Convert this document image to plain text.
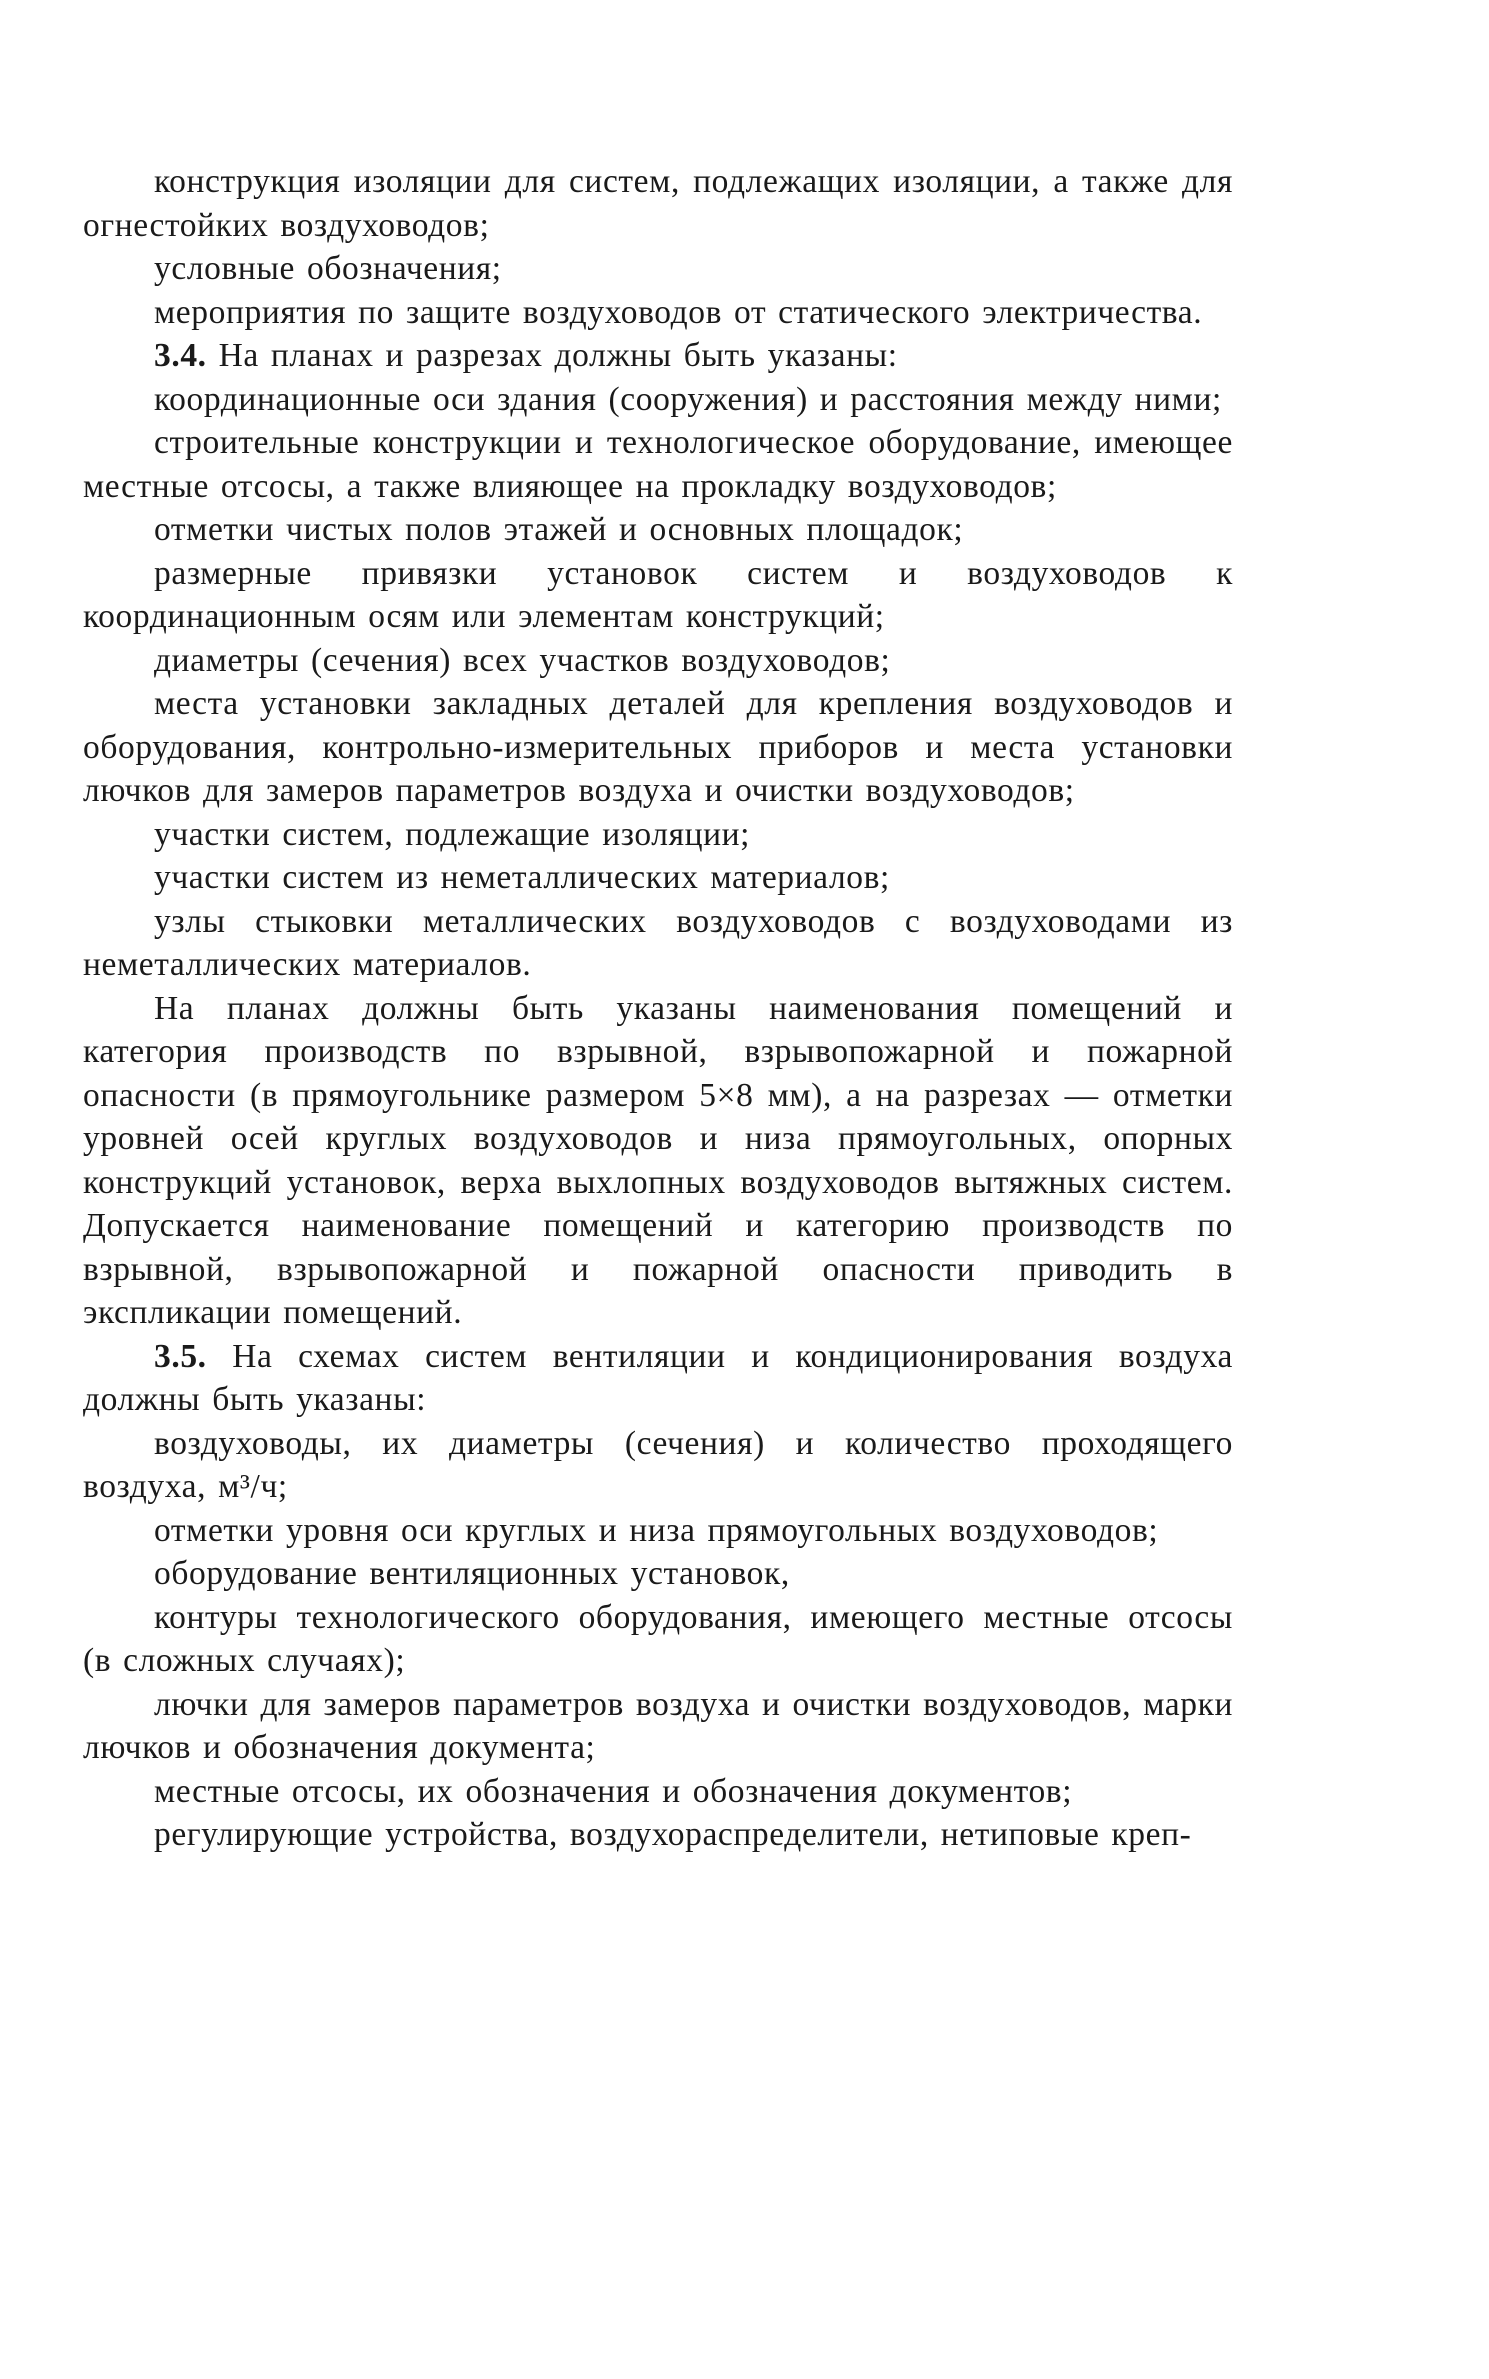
конструкция изоляции для систем, подлежащих изоляции, а также для огнестойких воздуховодов;

условные обозначения;

мероприятия по защите воздуховодов от статического электричества.

3.4. На планах и разрезах должны быть указаны:

координационные оси здания (сооружения) и расстояния между ними;

строительные конструкции и технологическое оборудование, имеющее местные отсосы, а также влияющее на прокладку воздуховодов;

отметки чистых полов этажей и основных площадок;

размерные привязки установок систем и воздуховодов к координационным осям или элементам конструкций;

диаметры (сечения) всех участков воздуховодов;

места установки закладных деталей для крепления воздуховодов и оборудования, контрольно-измерительных приборов и места установки лючков для замеров параметров воздуха и очистки воздуховодов;

участки систем, подлежащие изоляции;

участки систем из неметаллических материалов;

узлы стыковки металлических воздуховодов с воздуховодами из неметаллических материалов.

На планах должны быть указаны наименования помещений и категория производств по взрывной, взрывопожарной и пожарной опасности (в прямоугольнике размером 5×8 мм), а на разрезах — отметки уровней осей круглых воздуховодов и низа прямоугольных, опорных конструкций установок, верха выхлопных воздуховодов вытяжных систем. Допускается наименование помещений и категорию производств по взрывной, взрывопожарной и пожарной опасности приводить в экспликации помещений.

3.5. На схемах систем вентиляции и кондиционирования воздуха должны быть указаны:

воздуховоды, их диаметры (сечения) и количество проходящего воздуха, м³/ч;

отметки уровня оси круглых и низа прямоугольных воздуховодов;

оборудование вентиляционных установок,

контуры технологического оборудования, имеющего местные отсосы (в сложных случаях);

лючки для замеров параметров воздуха и очистки воздуховодов, марки лючков и обозначения документа;

местные отсосы, их обозначения и обозначения документов;

регулирующие устройства, воздухораспределители, нетиповые креп-
